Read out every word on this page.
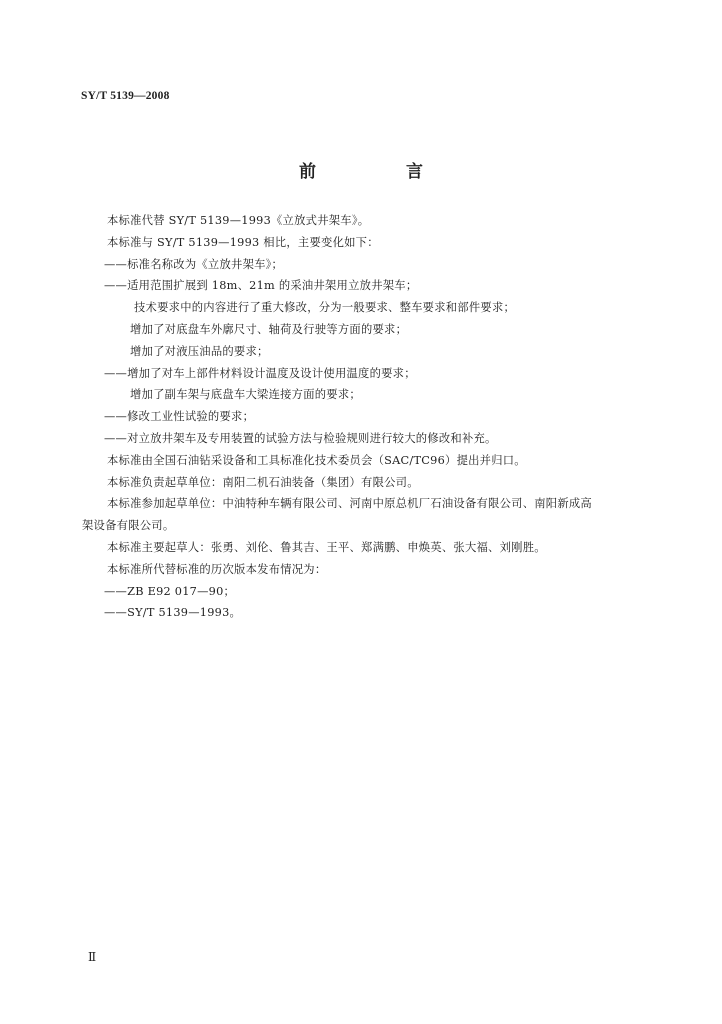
SY/T 5139—2008
前 言
本标准代替 SY/T 5139—1993《立放式井架车》。
本标准与 SY/T 5139—1993 相比，主要变化如下：
——标准名称改为《立放井架车》；
——适用范围扩展到 18m、21m 的采油井架用立放井架车；
技术要求中的内容进行了重大修改，分为一般要求、整车要求和部件要求；
增加了对底盘车外廓尺寸、轴荷及行驶等方面的要求；
增加了对液压油品的要求；
——增加了对车上部件材料设计温度及设计使用温度的要求；
增加了副车架与底盘车大梁连接方面的要求；
——修改工业性试验的要求；
——对立放井架车及专用装置的试验方法与检验规则进行较大的修改和补充。
本标准由全国石油钻采设备和工具标准化技术委员会（SAC/TC96）提出并归口。
本标准负责起草单位：南阳二机石油装备（集团）有限公司。
本标准参加起草单位：中油特种车辆有限公司、河南中原总机厂石油设备有限公司、南阳新成高
架设备有限公司。
本标准主要起草人：张勇、刘伦、鲁其吉、王平、郑满鹏、申焕英、张大福、刘刚胜。
本标准所代替标准的历次版本发布情况为：
——ZB E92 017—90；
——SY/T 5139—1993。
Ⅱ
